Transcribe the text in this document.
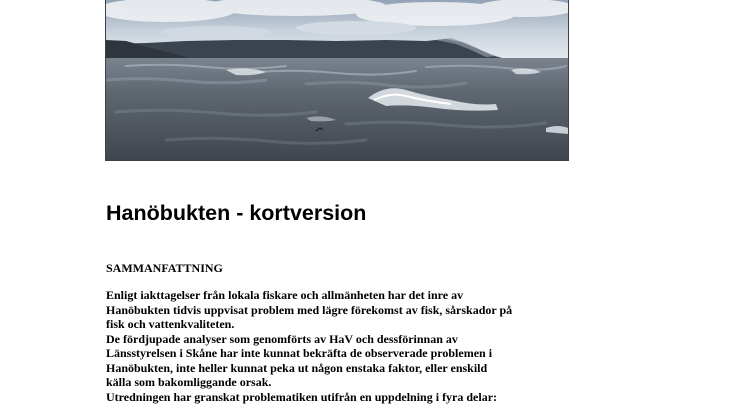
Hanöbukten - kortversion
SAMMANFATTNING
Enligt iakttagelser från lokala fiskare och allmänheten har det inre av
Hanöbukten tidvis uppvisat problem med lägre förekomst av fisk, sårskador på
fisk och vattenkvaliteten.
De fördjupade analyser som genomförts av HaV och dessförinnan av
Länsstyrelsen i Skåne har inte kunnat bekräfta de observerade problemen i
Hanöbukten, inte heller kunnat peka ut någon enstaka faktor, eller enskild
källa som bakomliggande orsak.
Utredningen har granskat problematiken utifrån en uppdelning i fyra delar:
